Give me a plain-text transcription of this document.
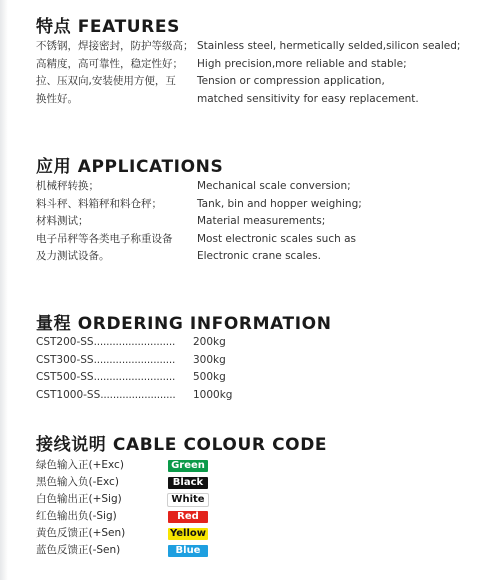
特点 FEATURES
不锈钢，焊接密封，防护等级高；
高精度，高可靠性，稳定性好；
拉、压双向,安装使用方便，互
换性好。
Stainless steel, hermetically selded,silicon sealed;
High precision,more reliable and stable;
Tension or compression application,
matched sensitivity for easy replacement.
应用 APPLICATIONS
机械秤转换；
料斗秤、料箱秤和料仓秤；
材料测试；
电子吊秤等各类电子称重设备
及力测试设备。
Mechanical scale conversion;
Tank, bin and hopper weighing;
Material measurements;
Most electronic scales such as
Electronic crane scales.
量程 ORDERING INFORMATION
CST200-SS.......................... 200kg
CST300-SS.......................... 300kg
CST500-SS.......................... 500kg
CST1000-SS........................ 1000kg
接线说明 CABLE COLOUR CODE
绿色输入正(+Exc)	Green
黑色输入负(-Exc)	Black
白色输出正(+Sig)	White
红色输出负(-Sig)	Red
黄色反馈正(+Sen)	Yellow
蓝色反馈正(-Sen)	Blue
